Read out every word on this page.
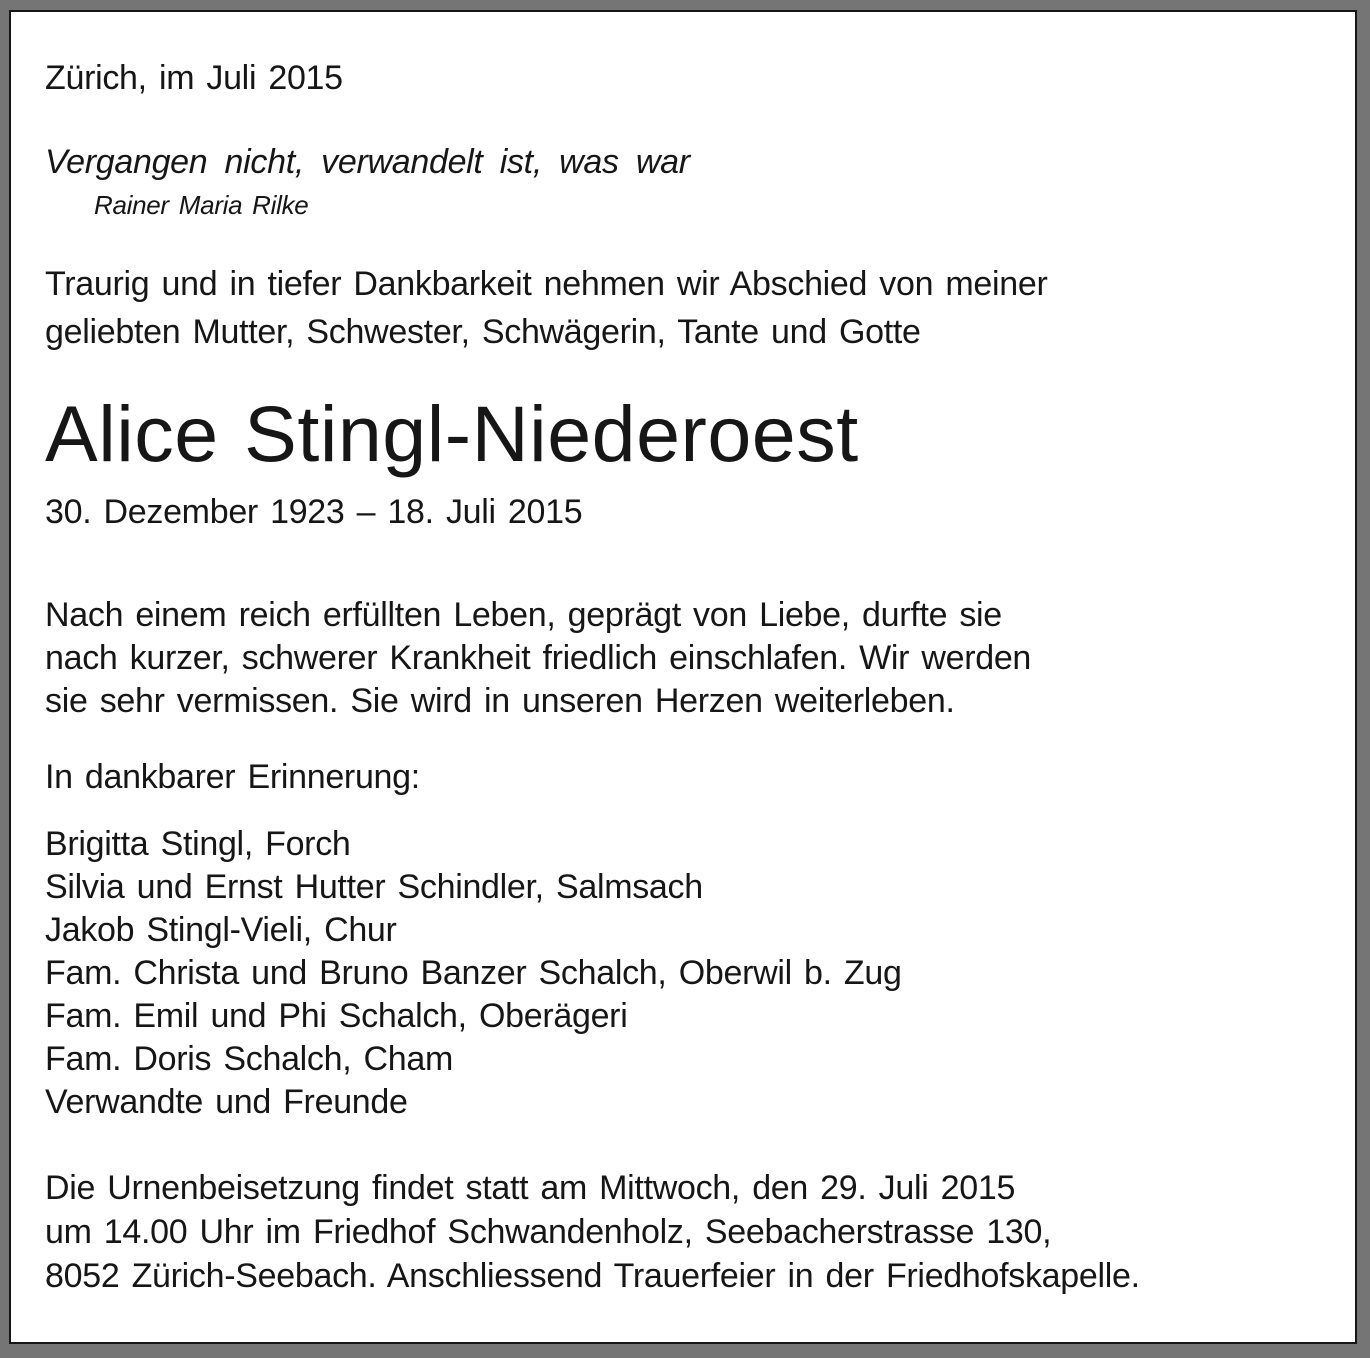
Zürich, im Juli 2015
Vergangen nicht, verwandelt ist, was war
Rainer Maria Rilke
Traurig und in tiefer Dankbarkeit nehmen wir Abschied von meiner
geliebten Mutter, Schwester, Schwägerin, Tante und Gotte
Alice Stingl-Niederoest
30. Dezember 1923 – 18. Juli 2015
Nach einem reich erfüllten Leben, geprägt von Liebe, durfte sie
nach kurzer, schwerer Krankheit friedlich einschlafen. Wir werden
sie sehr vermissen. Sie wird in unseren Herzen weiterleben.
In dankbarer Erinnerung:
Brigitta Stingl, Forch
Silvia und Ernst Hutter Schindler, Salmsach
Jakob Stingl-Vieli, Chur
Fam. Christa und Bruno Banzer Schalch, Oberwil b. Zug
Fam. Emil und Phi Schalch, Oberägeri
Fam. Doris Schalch, Cham
Verwandte und Freunde
Die Urnenbeisetzung findet statt am Mittwoch, den 29. Juli 2015
um 14.00 Uhr im Friedhof Schwandenholz, Seebacherstrasse 130,
8052 Zürich-Seebach. Anschliessend Trauerfeier in der Friedhofskapelle.
